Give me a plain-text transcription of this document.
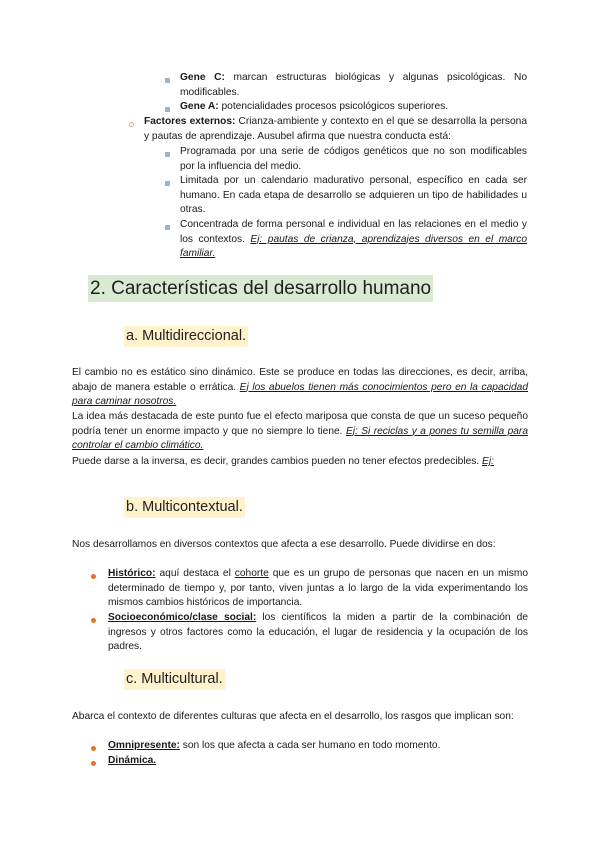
Gene C: marcan estructuras biológicas y algunas psicológicas. No modificables.

Gene A: potencialidades procesos psicológicos superiores.

Factores externos: Crianza-ambiente y contexto en el que se desarrolla la persona y pautas de aprendizaje. Ausubel afirma que nuestra conducta está:

Programada por una serie de códigos genéticos que no son modificables por la influencia del medio.

Limitada por un calendario madurativo personal, específico en cada ser humano. En cada etapa de desarrollo se adquieren un tipo de habilidades u otras.

Concentrada de forma personal e individual en las relaciones en el medio y los contextos. Ej: pautas de crianza, aprendizajes diversos en el marco familiar.

2. Características del desarrollo humano
a. Multidireccional.

El cambio no es estático sino dinámico. Este se produce en todas las direcciones, es decir, arriba, abajo de manera estable o errática. Ej los abuelos tienen más conocimientos pero en la capacidad para caminar nosotros.

La idea más destacada de este punto fue el efecto mariposa que consta de que un suceso pequeño podría tener un enorme impacto y que no siempre lo tiene. Ej: Si reciclas y a pones tu semilla para controlar el cambio climático.

Puede darse a la inversa, es decir, grandes cambios pueden no tener efectos predecibles. Ej:

b. Multicontextual.

Nos desarrollamos en diversos contextos que afecta a ese desarrollo. Puede dividirse en dos:

Histórico: aquí destaca el cohorte que es un grupo de personas que nacen en un mismo determinado de tiempo y, por tanto, viven juntas a lo largo de la vida experimentando los mismos cambios históricos de importancia.

Socioeconómico/clase social: los científicos la miden a partir de la combinación de ingresos y otros factores como la educación, el lugar de residencia y la ocupación de los padres.

c. Multicultural.

Abarca el contexto de diferentes culturas que afecta en el desarrollo, los rasgos que implican son:

Omnipresente: son los que afecta a cada ser humano en todo momento.

Dinámica.
